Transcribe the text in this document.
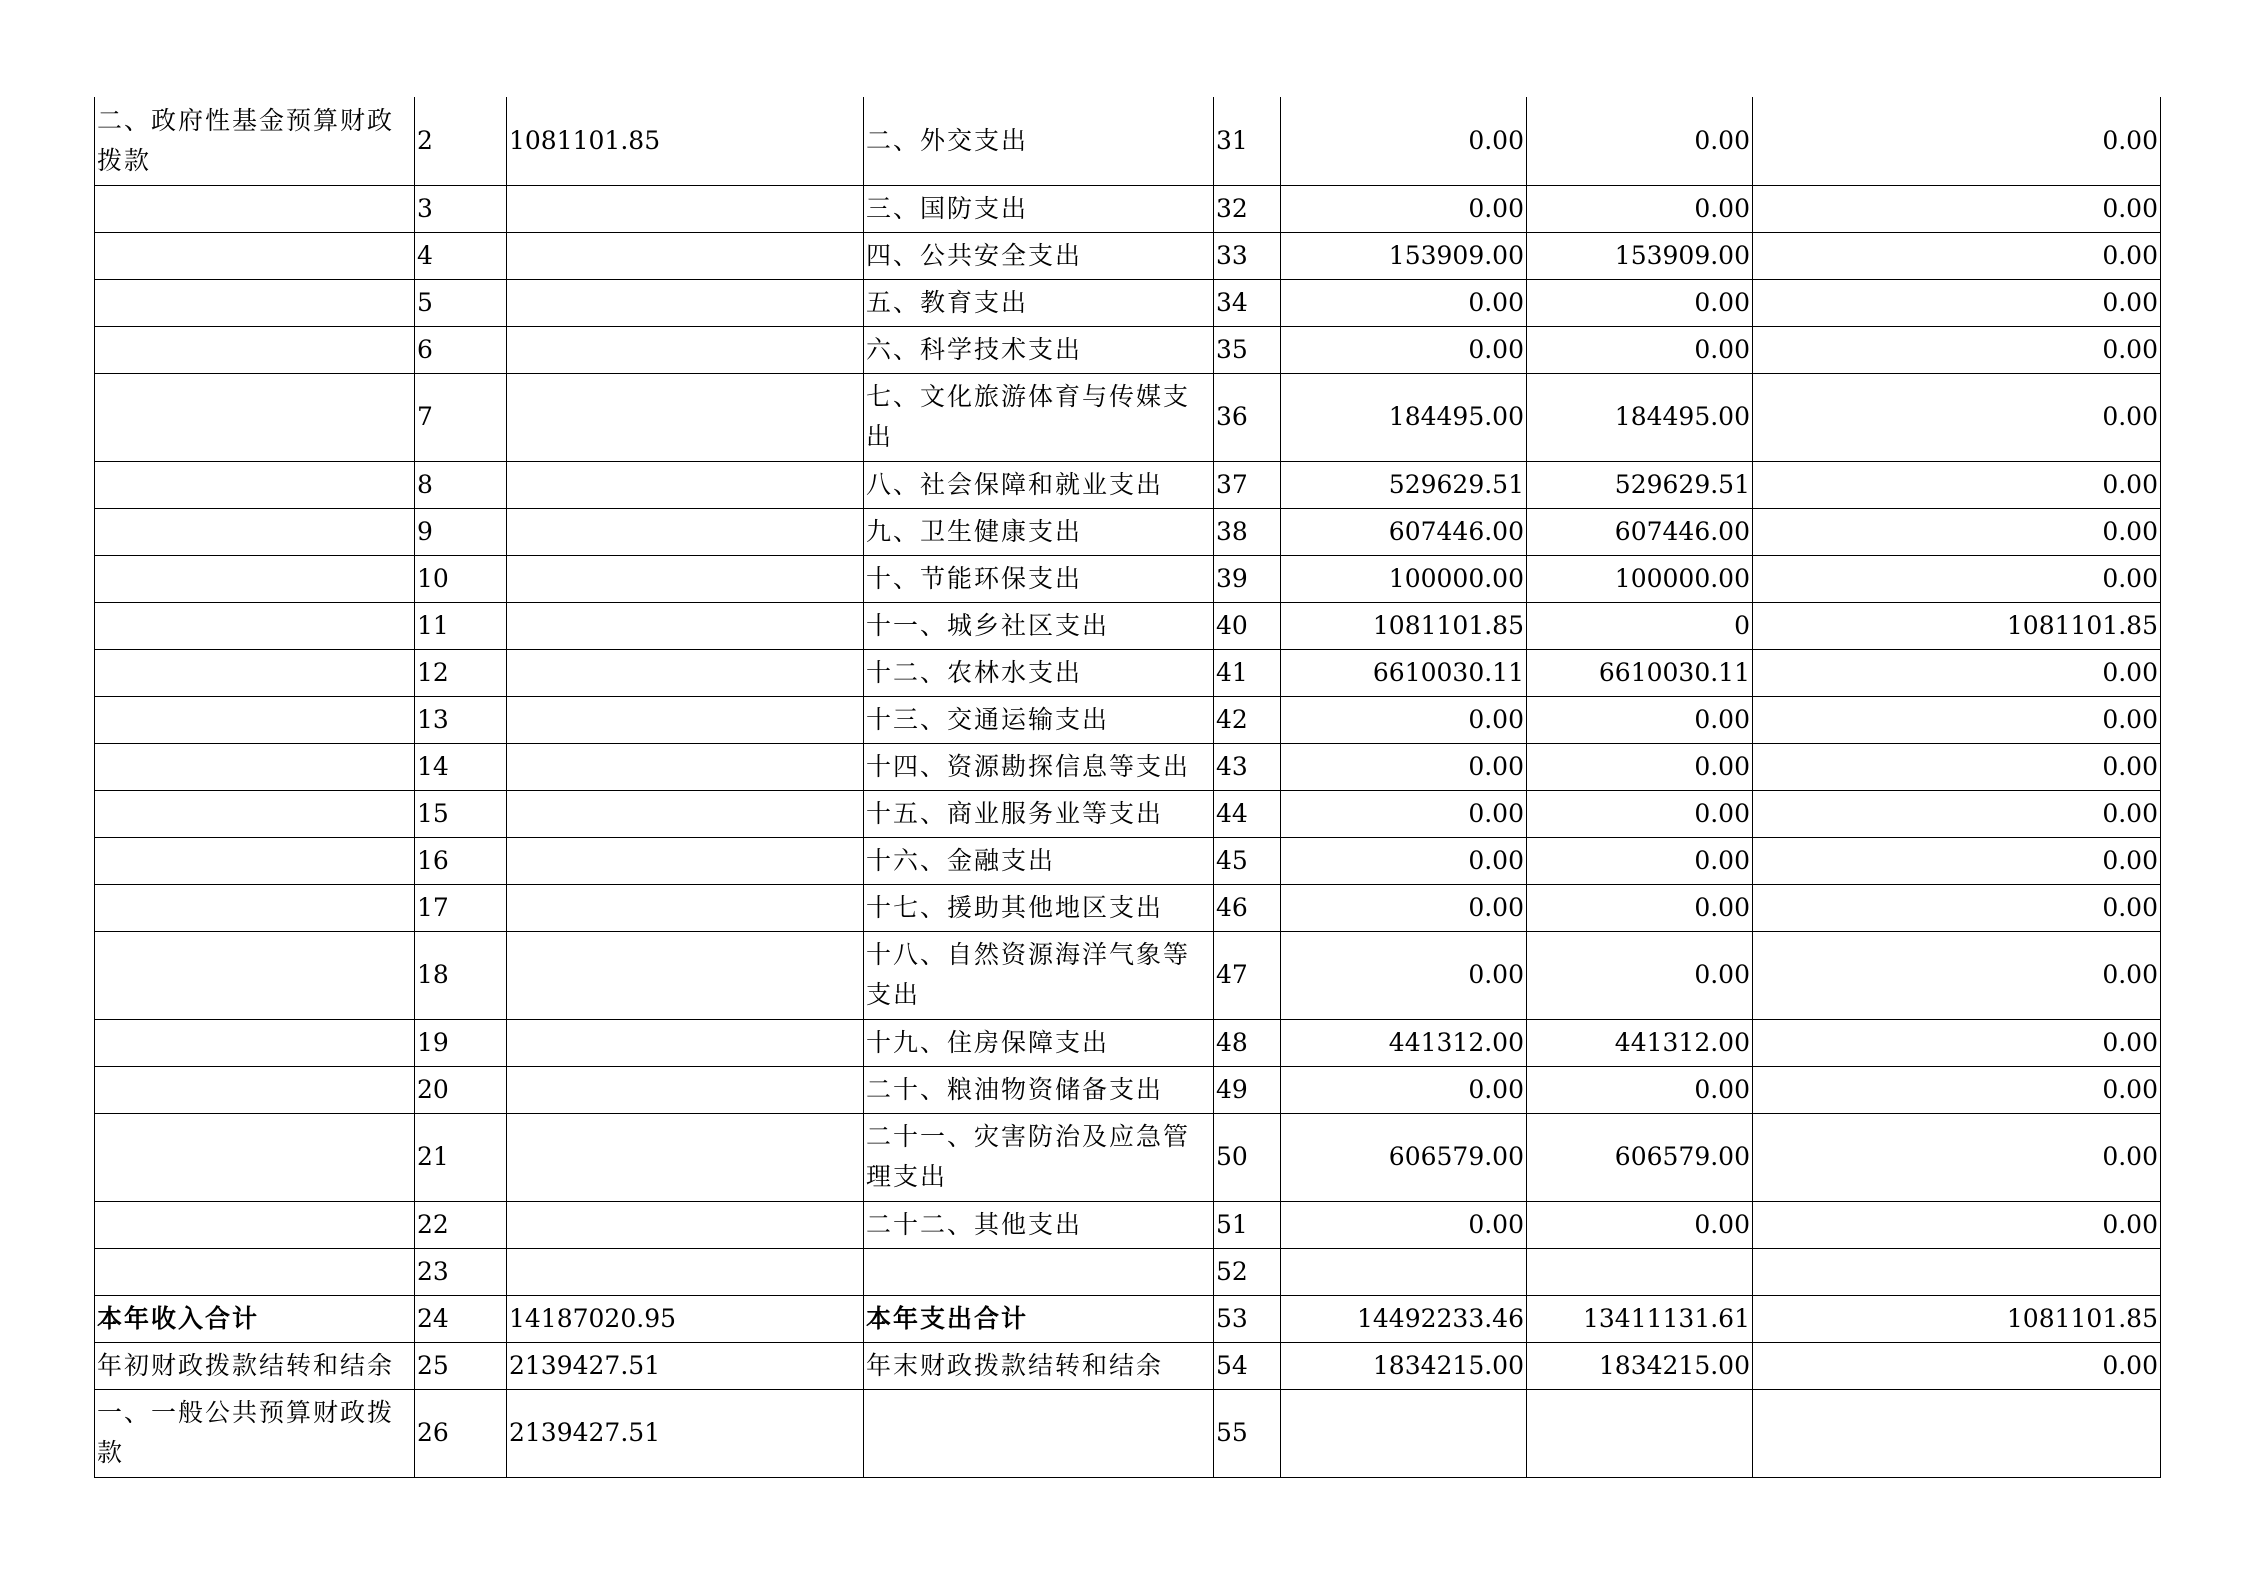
二、政府性基金预算财政拨款	2	1081101.85	二、外交支出	31	0.00	0.00	0.00
	3		三、国防支出	32	0.00	0.00	0.00
	4		四、公共安全支出	33	153909.00	153909.00	0.00
	5		五、教育支出	34	0.00	0.00	0.00
	6		六、科学技术支出	35	0.00	0.00	0.00
	7		七、文化旅游体育与传媒支出	36	184495.00	184495.00	0.00
	8		八、社会保障和就业支出	37	529629.51	529629.51	0.00
	9		九、卫生健康支出	38	607446.00	607446.00	0.00
	10		十、节能环保支出	39	100000.00	100000.00	0.00
	11		十一、城乡社区支出	40	1081101.85	0	1081101.85
	12		十二、农林水支出	41	6610030.11	6610030.11	0.00
	13		十三、交通运输支出	42	0.00	0.00	0.00
	14		十四、资源勘探信息等支出	43	0.00	0.00	0.00
	15		十五、商业服务业等支出	44	0.00	0.00	0.00
	16		十六、金融支出	45	0.00	0.00	0.00
	17		十七、援助其他地区支出	46	0.00	0.00	0.00
	18		十八、自然资源海洋气象等支出	47	0.00	0.00	0.00
	19		十九、住房保障支出	48	441312.00	441312.00	0.00
	20		二十、粮油物资储备支出	49	0.00	0.00	0.00
	21		二十一、灾害防治及应急管理支出	50	606579.00	606579.00	0.00
	22		二十二、其他支出	51	0.00	0.00	0.00
	23			52			
本年收入合计	24	14187020.95	本年支出合计	53	14492233.46	13411131.61	1081101.85
年初财政拨款结转和结余	25	2139427.51	年末财政拨款结转和结余	54	1834215.00	1834215.00	0.00
一、一般公共预算财政拨款	26	2139427.51		55			
